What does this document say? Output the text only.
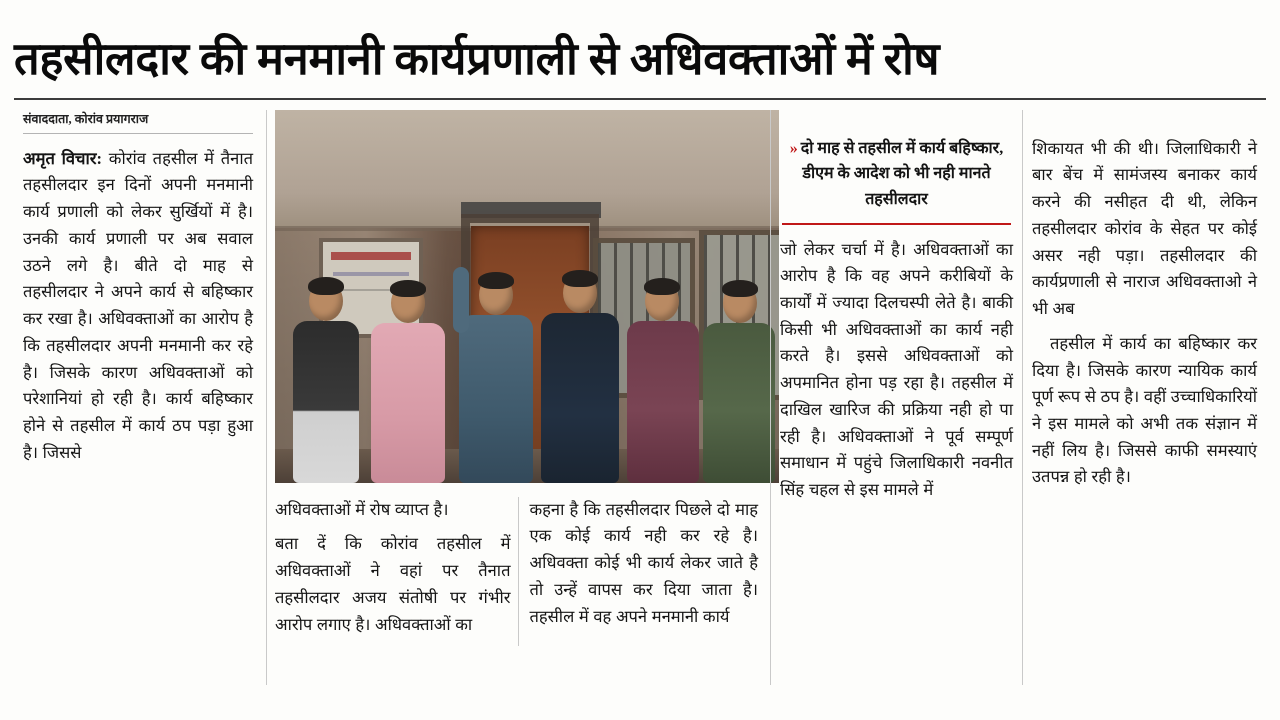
तहसीलदार की मनमानी कार्यप्रणाली से अधिवक्ताओं में रोष
संवाददाता, कोरांव प्रयागराज

अमृत विचार: कोरांव तहसील में तैनात तहसीलदार इन दिनों अपनी मनमानी कार्य प्रणाली को लेकर सुर्खियों में है। उनकी कार्य प्रणाली पर अब सवाल उठने लगे है। बीते दो माह से तहसीलदार ने अपने कार्य से बहिष्कार कर रखा है। अधिवक्ताओं का आरोप है कि तहसीलदार अपनी मनमानी कर रहे है। जिसके कारण अधिवक्ताओं को परेशानियां हो रही है। कार्य बहिष्कार होने से तहसील में कार्य ठप पड़ा हुआ है। जिससे

अधिवक्ताओं में रोष व्याप्त है।

बता दें कि कोरांव तहसील में अधिवक्ताओं ने वहां पर तैनात तहसीलदार अजय संतोषी पर गंभीर आरोप लगाए है। अधिवक्ताओं का

कहना है कि तहसीलदार पिछले दो माह एक कोई कार्य नही कर रहे है। अधिवक्ता कोई भी कार्य लेकर जाते है तो उन्हें वापस कर दिया जाता है। तहसील में वह अपने मनमानी कार्य

» दो माह से तहसील में कार्य बहिष्कार, डीएम के आदेश को भी नही मानते तहसीलदार

जो लेकर चर्चा में है। अधिवक्ताओं का आरोप है कि वह अपने करीबियों के कार्यों में ज्यादा दिलचस्पी लेते है। बाकी किसी भी अधिवक्ताओं का कार्य नही करते है। इससे अधिवक्ताओं को अपमानित होना पड़ रहा है। तहसील में दाखिल खारिज की प्रक्रिया नही हो पा रही है। अधिवक्ताओं ने पूर्व सम्पूर्ण समाधान में पहुंचे जिलाधिकारी नवनीत सिंह चहल से इस मामले में

शिकायत भी की थी। जिलाधिकारी ने बार बेंच में सामंजस्य बनाकर कार्य करने की नसीहत दी थी, लेकिन तहसीलदार कोरांव के सेहत पर कोई असर नही पड़ा। तहसीलदार की कार्यप्रणाली से नाराज अधिवक्ताओ ने भी अब

तहसील में कार्य का बहिष्कार कर दिया है। जिसके कारण न्यायिक कार्य पूर्ण रूप से ठप है। वहीं उच्चाधिकारियों ने इस मामले को अभी तक संज्ञान में नहीं लिय है। जिससे काफी समस्याएं उतपन्न हो रही है।
